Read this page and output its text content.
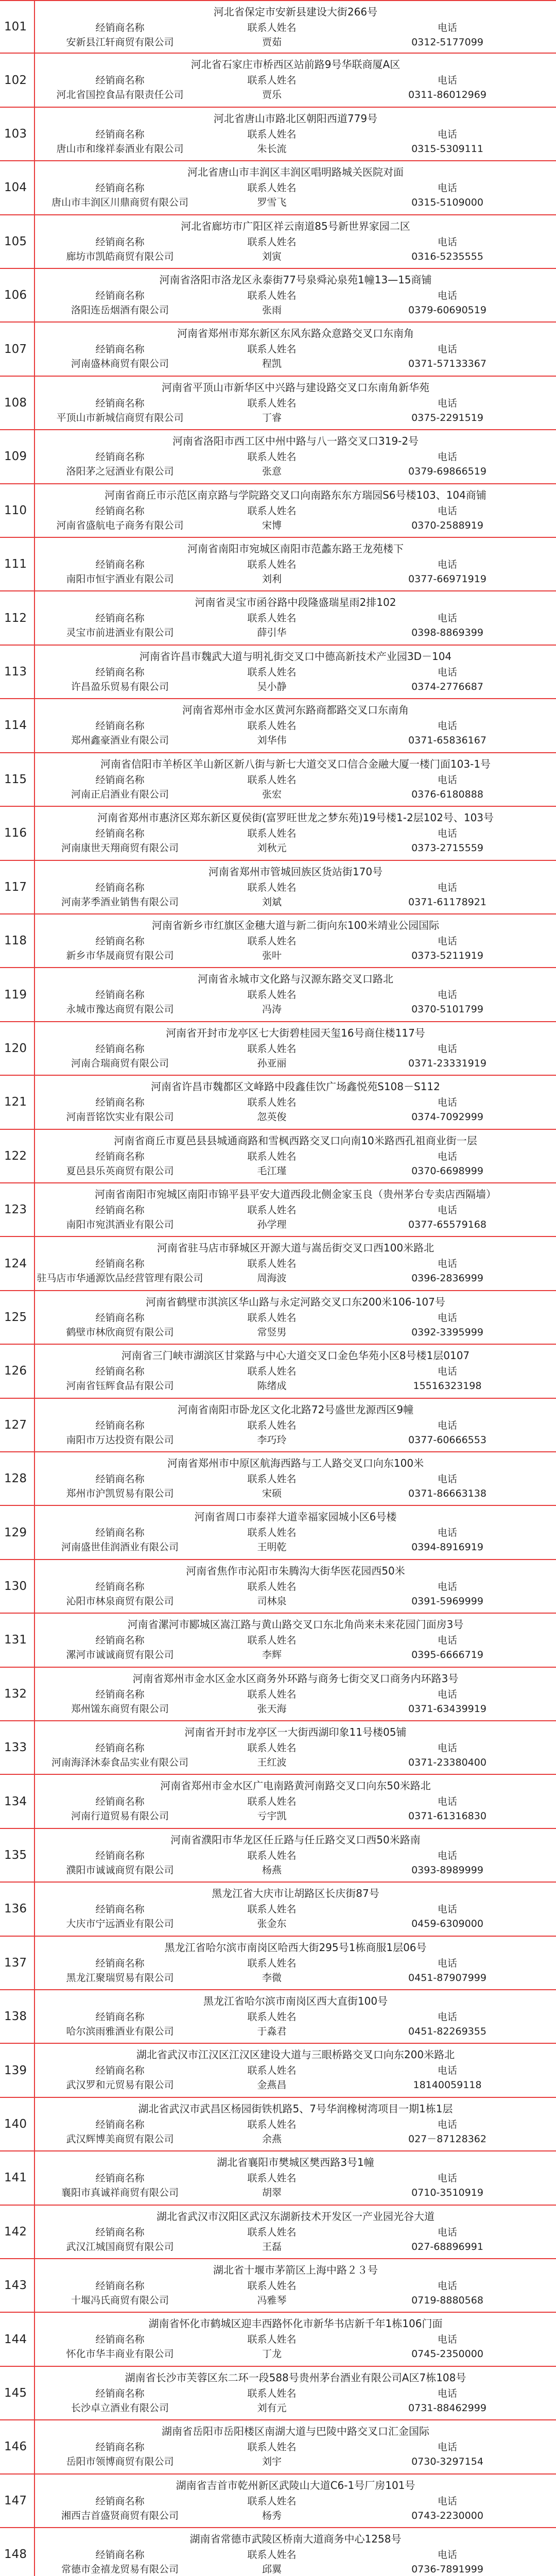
101
河北省保定市安新县建设大街266号
经销商名称	联系人姓名	电话
安新县江轩商贸有限公司	贾茹	0312-5177099
102
河北省石家庄市桥西区站前路9号华联商厦A区
经销商名称	联系人姓名	电话
河北省国控食品有限责任公司	贾乐	0311-86012969
103
河北省唐山市路北区朝阳西道779号
经销商名称	联系人姓名	电话
唐山市和缘祥泰酒业有限公司	朱长流	0315-5309111
104
河北省唐山市丰润区丰润区唱明路城关医院对面
经销商名称	联系人姓名	电话
唐山市丰润区川鼎商贸有限公司	罗雪飞	0315-5109000
105
河北省廊坊市广阳区祥云南道85号新世界家园二区
经销商名称	联系人姓名	电话
廊坊市凯皓商贸有限公司	刘寅	0316-5235555
106
河南省洛阳市洛龙区永泰街77号泉舜沁泉苑1幢13—15商铺
经销商名称	联系人姓名	电话
洛阳连岳烟酒有限公司	张雨	0379-60690519
107
河南省郑州市郑东新区东风东路众意路交叉口东南角
经销商名称	联系人姓名	电话
河南盛林商贸有限公司	程凯	0371-57133367
108
河南省平顶山市新华区中兴路与建设路交叉口东南角新华苑
经销商名称	联系人姓名	电话
平顶山市新城信商贸有限公司	丁睿	0375-2291519
109
河南省洛阳市西工区中州中路与八一路交叉口319-2号
经销商名称	联系人姓名	电话
洛阳茅之冠酒业有限公司	张意	0379-69866519
110
河南省商丘市示范区南京路与学院路交叉口向南路东东方瑞园S6号楼103、104商铺
经销商名称	联系人姓名	电话
河南省盛航电子商务有限公司	宋博	0370-2588919
111
河南省南阳市宛城区南阳市范蠡东路王龙苑楼下
经销商名称	联系人姓名	电话
南阳市恒宇酒业有限公司	刘利	0377-66971919
112
河南省灵宝市函谷路中段隆盛瑞星雨2排102
经销商名称	联系人姓名	电话
灵宝市前进酒业有限公司	薛引华	0398-8869399
113
河南省许昌市魏武大道与明礼街交叉口中德高新技术产业园3D－104
经销商名称	联系人姓名	电话
许昌盈乐贸易有限公司	吴小静	0374-2776687
114
河南省郑州市金水区黄河东路商都路交叉口东南角
经销商名称	联系人姓名	电话
郑州鑫豪酒业有限公司	刘华伟	0371-65836167
115
河南省信阳市羊桥区羊山新区新八街与新七大道交叉口信合金融大厦一楼门面103-1号
经销商名称	联系人姓名	电话
河南正启酒业有限公司	张宏	0376-6180888
116
河南省郑州市惠济区郑东新区夏侯街(富罗旺世龙之梦东苑)19号楼1-2层102号、103号
经销商名称	联系人姓名	电话
河南康世天翔商贸有限公司	刘秋元	0373-2715559
117
河南省郑州市管城回族区货站街170号
经销商名称	联系人姓名	电话
河南茅季酒业销售有限公司	刘斌	0371-61178921
118
河南省新乡市红旗区金穗大道与新二街向东100米靖业公园国际
经销商名称	联系人姓名	电话
新乡市华晟商贸有限公司	张叶	0373-5211919
119
河南省永城市文化路与汉源东路交叉口路北
经销商名称	联系人姓名	电话
永城市豫达商贸有限公司	冯涛	0370-5101799
120
河南省开封市龙亭区七大街碧桂园天玺16号商住楼117号
经销商名称	联系人姓名	电话
河南合瑞商贸有限公司	孙亚丽	0371-23331919
121
河南省许昌市魏都区文峰路中段鑫佳饮广场鑫悦苑S108－S112
经销商名称	联系人姓名	电话
河南晋铭饮实业有限公司	忽英俊	0374-7092999
122
河南省商丘市夏邑县县城通商路和雪枫西路交叉口向南10米路西孔祖商业街一层
经销商名称	联系人姓名	电话
夏邑县乐英商贸有限公司	毛江瑾	0370-6698999
123
河南省南阳市宛城区南阳市锦平县平安大道西段北侧金家玉良（贵州茅台专卖店西隔墙）
经销商名称	联系人姓名	电话
南阳市宛淇酒业有限公司	孙学理	0377-65579168
124
河南省驻马店市驿城区开源大道与嵩岳街交叉口西100米路北
经销商名称	联系人姓名	电话
驻马店市华通源饮品经营管理有限公司	周海波	0396-2836999
125
河南省鹤壁市淇滨区华山路与永定河路交叉口东200米106-107号
经销商名称	联系人姓名	电话
鹤壁市林欣商贸有限公司	常竖男	0392-3395999
126
河南省三门峡市湖滨区甘棠路与中心大道交叉口金色华苑小区8号楼1层0107
经销商名称	联系人姓名	电话
河南省钰辉食品有限公司	陈绪成	15516323198
127
河南省南阳市卧龙区文化北路72号盛世龙源西区9幢
经销商名称	联系人姓名	电话
南阳市万达投资有限公司	李巧玲	0377-60666553
128
河南省郑州市中原区航海西路与工人路交叉口向东100米
经销商名称	联系人姓名	电话
郑州市沪凯贸易有限公司	宋硕	0371-86663138
129
河南省周口市泰祥大道幸福家园城小区6号楼
经销商名称	联系人姓名	电话
河南盛世佳润酒业有限公司	王明乾	0394-8916919
130
河南省焦作市沁阳市朱腾沟大街华医花园西50米
经销商名称	联系人姓名	电话
沁阳市林泉商贸有限公司	司林泉	0391-5969999
131
河南省漯河市郾城区嵩江路与黄山路交叉口东北角尚来未来花园门面房3号
经销商名称	联系人姓名	电话
漯河市诚诚商贸有限公司	李辉	0395-6666719
132
河南省郑州市金水区金水区商务外环路与商务七街交叉口商务内环路3号
经销商名称	联系人姓名	电话
郑州馐东商贸有限公司	张天海	0371-63439919
133
河南省开封市龙亭区一大街西湖印象11号楼05铺
经销商名称	联系人姓名	电话
河南海泽沐泰食品实业有限公司	王红波	0371-23380400
134
河南省郑州市金水区广电南路黄河南路交叉口向东50米路北
经销商名称	联系人姓名	电话
河南行道贸易有限公司	亏宇凯	0371-61316830
135
河南省濮阳市华龙区任丘路与任丘路交叉口西50米路南
经销商名称	联系人姓名	电话
濮阳市诚诚商贸有限公司	杨燕	0393-8989999
136
黑龙江省大庆市让胡路区长庆街87号
经销商名称	联系人姓名	电话
大庆市宁远酒业有限公司	张金东	0459-6309000
137
黑龙江省哈尔滨市南岗区哈西大街295号1栋商服1层06号
经销商名称	联系人姓名	电话
黑龙江聚瑞贸易有限公司	李微	0451-87907999
138
黑龙江省哈尔滨市南岗区西大直街100号
经销商名称	联系人姓名	电话
哈尔滨雨雅酒业有限公司	于淼君	0451-82269355
139
湖北省武汉市江汉区江汉区建设大道与三眼桥路交叉口向东200米路北
经销商名称	联系人姓名	电话
武汉罗和元贸易有限公司	金燕昌	18140059118
140
湖北省武汉市武昌区杨园街铁机路5、7号华润橡树湾项目一期1栋1层
经销商名称	联系人姓名	电话
武汉辉博美商贸有限公司	余燕	027－87128362
141
湖北省襄阳市樊城区樊西路3号1幢
经销商名称	联系人姓名	电话
襄阳市真诚祥商贸有限公司	胡翠	0710-3510919
142
湖北省武汉市汉阳区武汉东湖新技术开发区一产业园光谷大道
经销商名称	联系人姓名	电话
武汉江城国商贸有限公司	王磊	027-68896991
143
湖北省十堰市茅箭区上海中路２３号
经销商名称	联系人姓名	电话
十堰冯氏商贸有限公司	冯雅琴	0719-8880568
144
湖南省怀化市鹤城区迎丰西路怀化市新华书店新千年1栋106门面
经销商名称	联系人姓名	电话
怀化市华丰商业有限公司	丁龙	0745-2350000
145
湖南省长沙市芙蓉区东二环一段588号贵州茅台酒业有限公司A区7栋108号
经销商名称	联系人姓名	电话
长沙卓立酒业有限公司	刘有元	0731-88462999
146
湖南省岳阳市岳阳楼区南湖大道与巴陵中路交叉口汇金国际
经销商名称	联系人姓名	电话
岳阳市领博商贸有限公司	刘宇	0730-3297154
147
湖南省吉首市乾州新区武陵山大道C6-1号厂房101号
经销商名称	联系人姓名	电话
湘西吉首盛贤商贸有限公司	杨秀	0743-2230000
148
湖南省常德市武陵区桥南大道商务中心1258号
经销商名称	联系人姓名	电话
常德市金禧龙贸易有限公司	邱翼	0736-7891999
